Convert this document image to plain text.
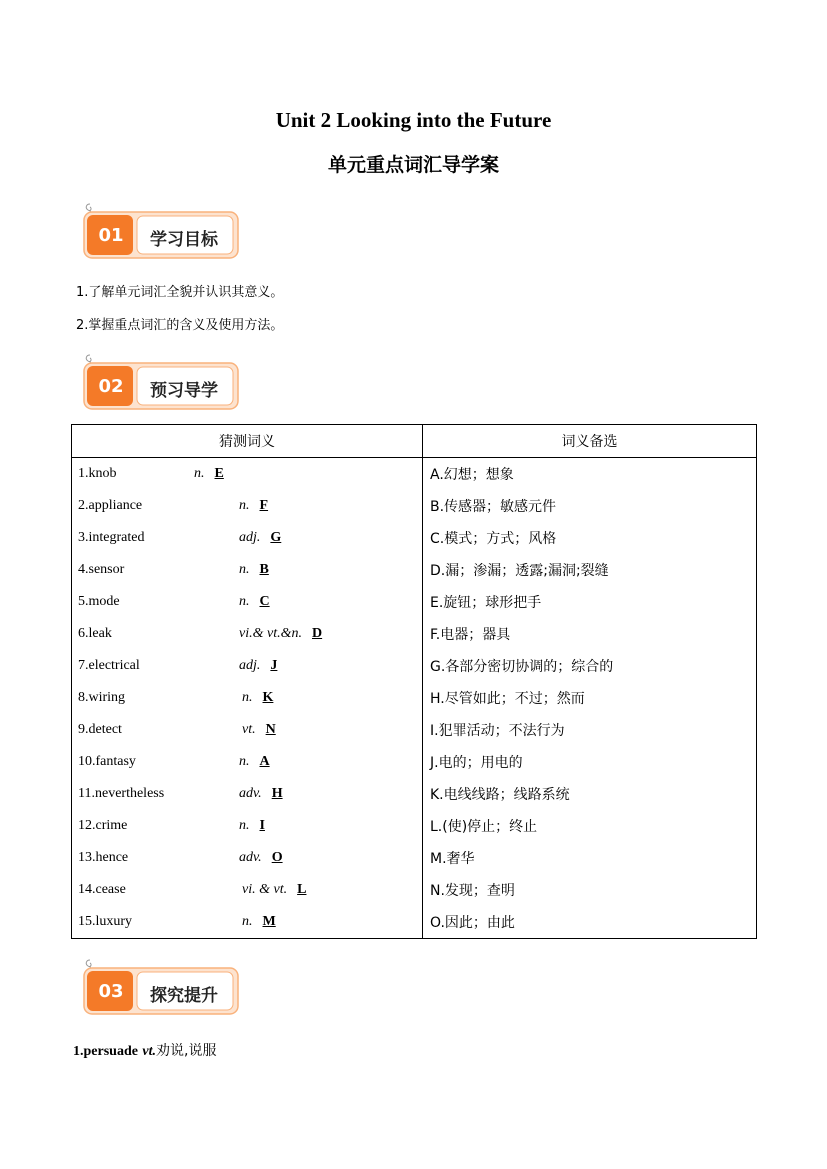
Unit 2 Looking into the Future
单元重点词汇导学案
01	学习目标
1.了解单元词汇全貌并认识其意义。
2.掌握重点词汇的含义及使用方法。
02	预习导学
猜测词义	词义备选

1.knob n. E	A.幻想；想象

2.appliance n. F	B.传感器；敏感元件

3.integrated adj. G	C.模式；方式；风格

4.sensor n. B	D.漏；渗漏；透露;漏洞;裂缝

5.mode n. C	E.旋钮；球形把手

6.leak vi.& vt.&n. D	F.电器；器具

7.electrical adj. J	G.各部分密切协调的；综合的

8.wiring n. K	H.尽管如此；不过；然而

9.detect vt. N	I.犯罪活动；不法行为

10.fantasy n. A	J.电的；用电的

11.nevertheless adv. H	K.电线线路；线路系统

12.crime n. I	L.(使)停止；终止

13.hence adv. O	M.奢华

14.cease vi. & vt. L	N.发现；查明

15.luxury n. M	O.因此；由此
03	探究提升
1.persuade vt.劝说,说服
